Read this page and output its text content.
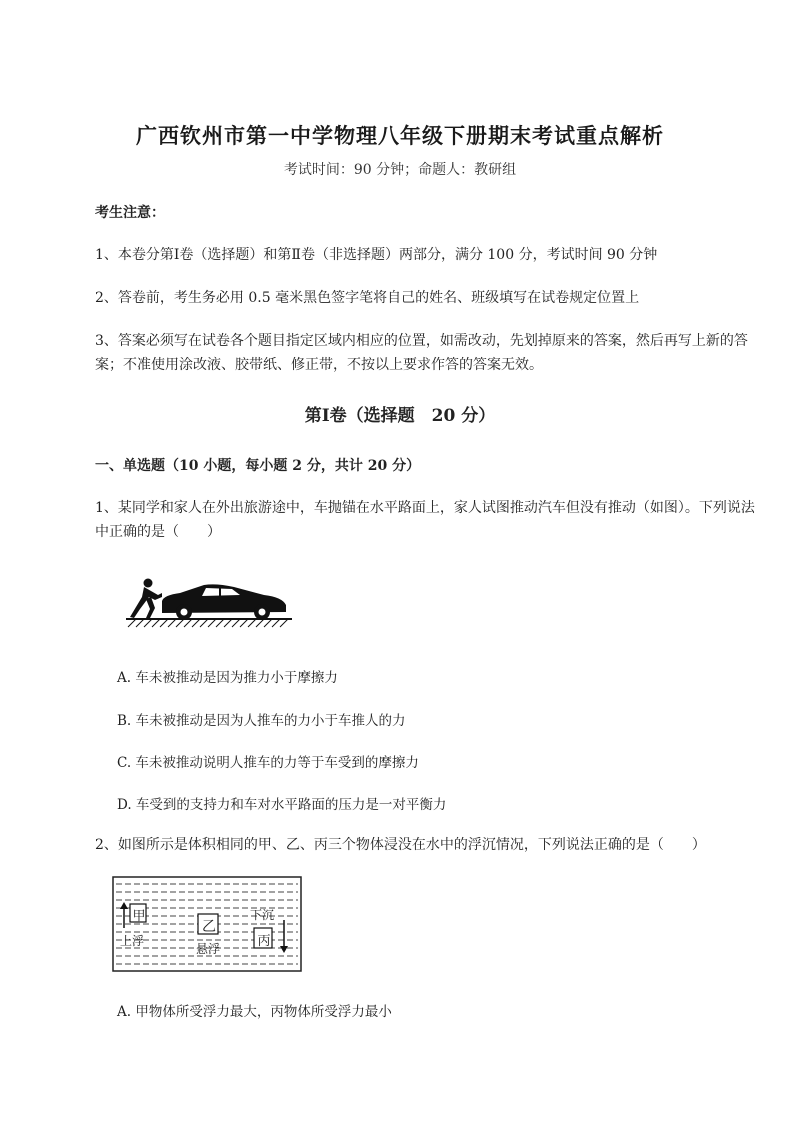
广西钦州市第一中学物理八年级下册期末考试重点解析
考试时间：90 分钟；命题人：教研组
考生注意：
1、本卷分第Ⅰ卷（选择题）和第Ⅱ卷（非选择题）两部分，满分 100 分，考试时间 90 分钟
2、答卷前，考生务必用 0.5 毫米黑色签字笔将自己的姓名、班级填写在试卷规定位置上
3、答案必须写在试卷各个题目指定区域内相应的位置，如需改动，先划掉原来的答案，然后再写上新的答案；不准使用涂改液、胶带纸、修正带，不按以上要求作答的答案无效。
第Ⅰ卷（选择题　20 分）
一、单选题（10 小题，每小题 2 分，共计 20 分）
1、某同学和家人在外出旅游途中，车抛锚在水平路面上，家人试图推动汽车但没有推动（如图）。下列说法中正确的是（　　）
A. 车未被推动是因为推力小于摩擦力
B. 车未被推动是因为人推车的力小于车推人的力
C. 车未被推动说明人推车的力等于车受到的摩擦力
D. 车受到的支持力和车对水平路面的压力是一对平衡力
2、如图所示是体积相同的甲、乙、丙三个物体浸没在水中的浮沉情况，下列说法正确的是（　　）
甲
乙
丙
上浮
悬浮
下沉
A. 甲物体所受浮力最大，丙物体所受浮力最小
